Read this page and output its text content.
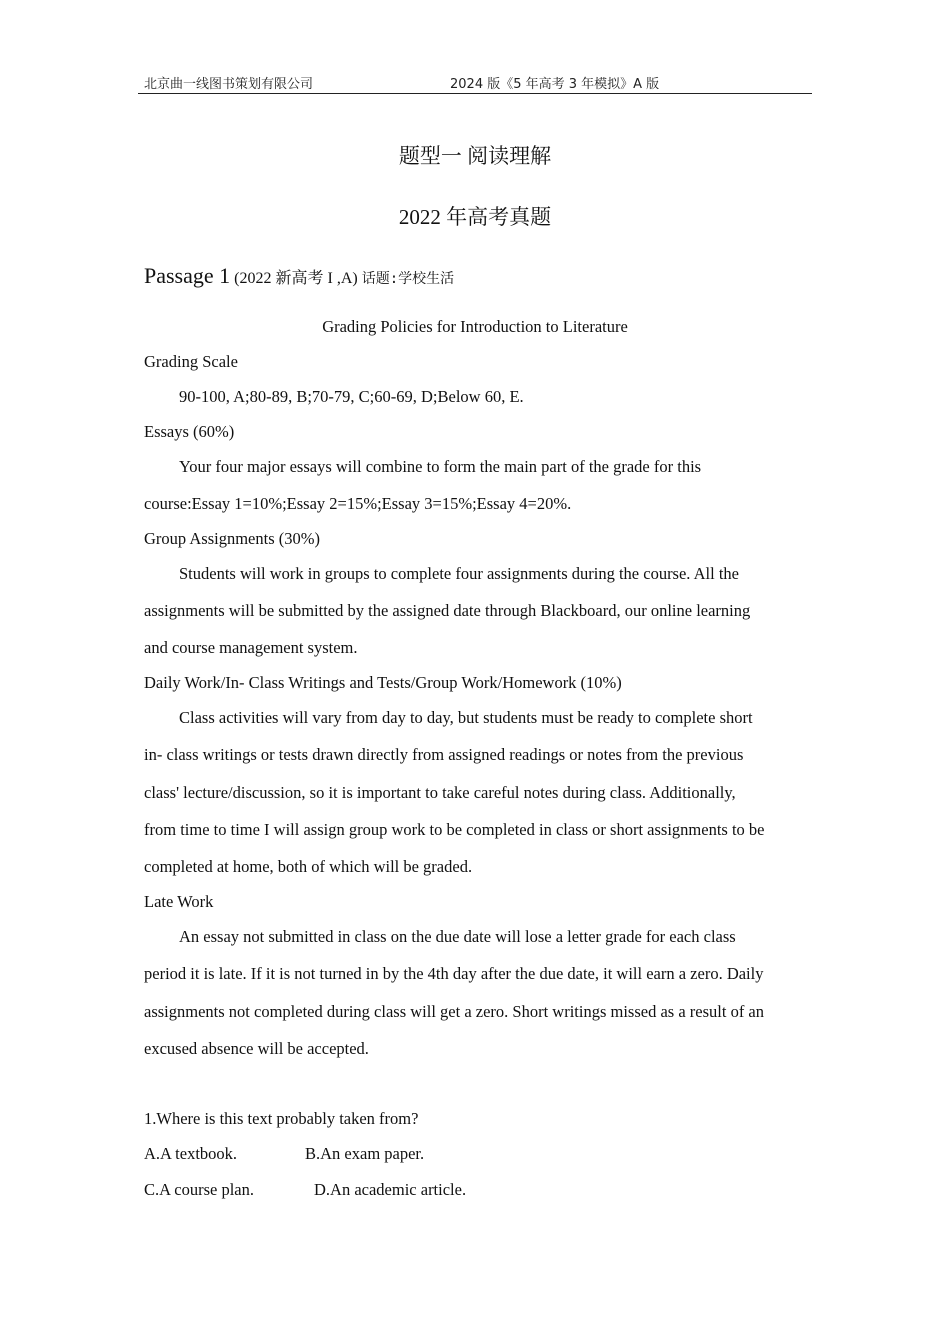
北京曲一线图书策划有限公司	2024 版《5 年高考 3 年模拟》A 版
题型一 阅读理解
2022 年高考真题
Passage 1 (2022 新高考 I ,A) 话题:学校生活
Grading Policies for Introduction to Literature
Grading Scale
90-100, A;80-89, B;70-79, C;60-69, D;Below 60, E.
Essays (60%)
Your four major essays will combine to form the main part of the grade for this
course:Essay 1=10%;Essay 2=15%;Essay 3=15%;Essay 4=20%.
Group Assignments (30%)
Students will work in groups to complete four assignments during the course. All the
assignments will be submitted by the assigned date through Blackboard, our online learning
and course management system.
Daily Work/In- Class Writings and Tests/Group Work/Homework (10%)
Class activities will vary from day to day, but students must be ready to complete short
in- class writings or tests drawn directly from assigned readings or notes from the previous
class' lecture/discussion, so it is important to take careful notes during class. Additionally,
from time to time I will assign group work to be completed in class or short assignments to be
completed at home, both of which will be graded.
Late Work
An essay not submitted in class on the due date will lose a letter grade for each class
period it is late. If it is not turned in by the 4th day after the due date, it will earn a zero. Daily
assignments not completed during class will get a zero. Short writings missed as a result of an
excused absence will be accepted.
1.Where is this text probably taken from?
A.A textbook.	B.An exam paper.
C.A course plan.	D.An academic article.
